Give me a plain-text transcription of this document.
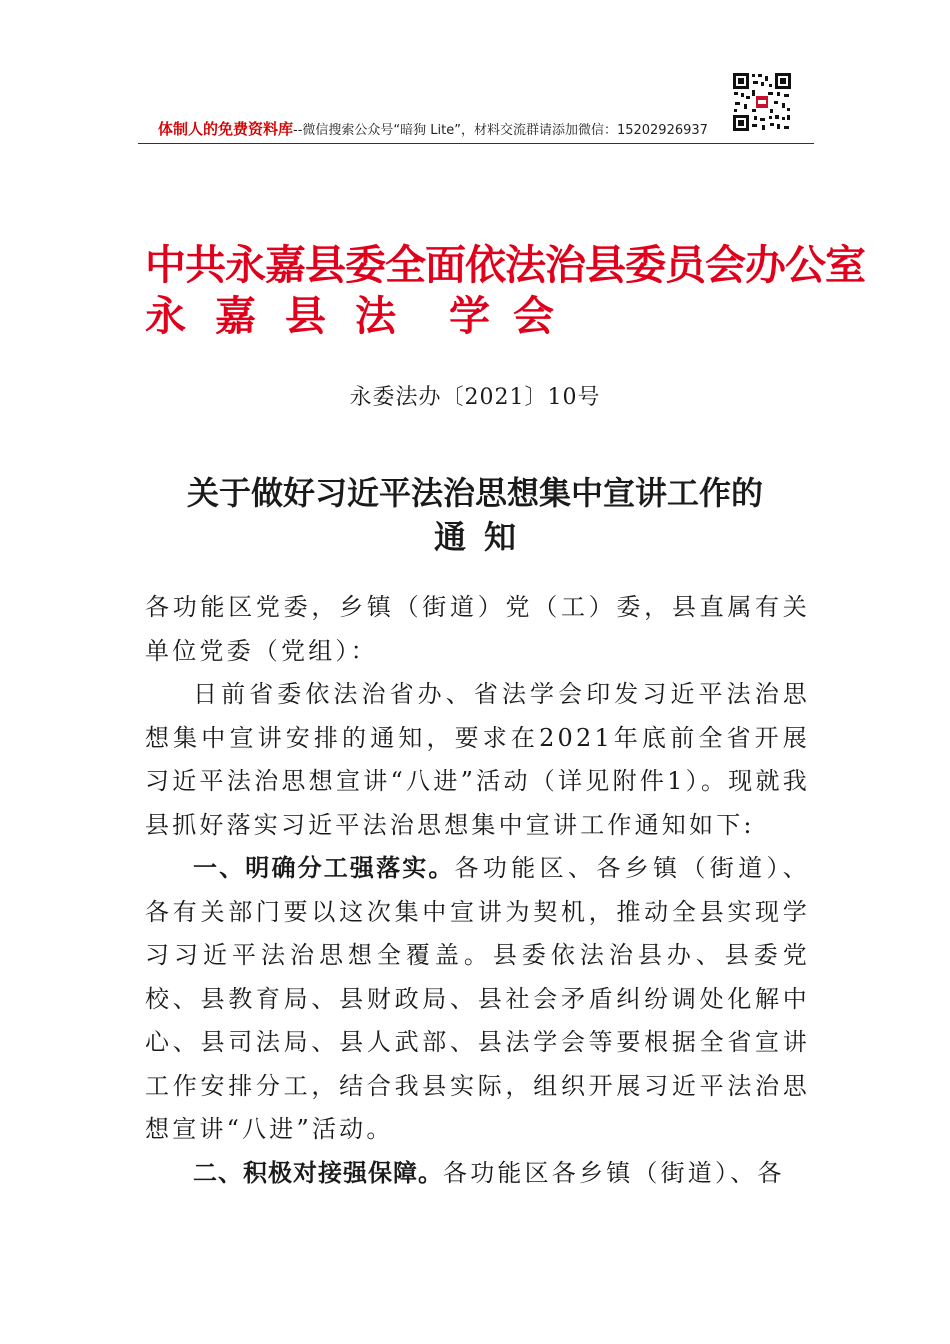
体制人的免费资料库--微信搜索公众号“暗狗 Lite”，材料交流群请添加微信：15202926937
中共永嘉县委全面依法治县委员会办公室
永 嘉 县 法 学 会
永委法办〔2021〕10号
关于做好习近平法治思想集中宣讲工作的
通知

各功能区党委，乡镇（街道）党（工）委，县直属有关单位党委（党组）：

日前省委依法治省办、省法学会印发习近平法治思想集中宣讲安排的通知，要求在2021年底前全省开展习近平法治思想宣讲“八进”活动（详见附件1）。现就我县抓好落实习近平法治思想集中宣讲工作通知如下:

一、明确分工强落实。各功能区、各乡镇（街道）、各有关部门要以这次集中宣讲为契机，推动全县实现学习习近平法治思想全覆盖。县委依法治县办、县委党校、县教育局、县财政局、县社会矛盾纠纷调处化解中心、县司法局、县人武部、县法学会等要根据全省宣讲工作安排分工，结合我县实际，组织开展习近平法治思想宣讲“八进”活动。

二、积极对接强保障。各功能区各乡镇（街道）、各
